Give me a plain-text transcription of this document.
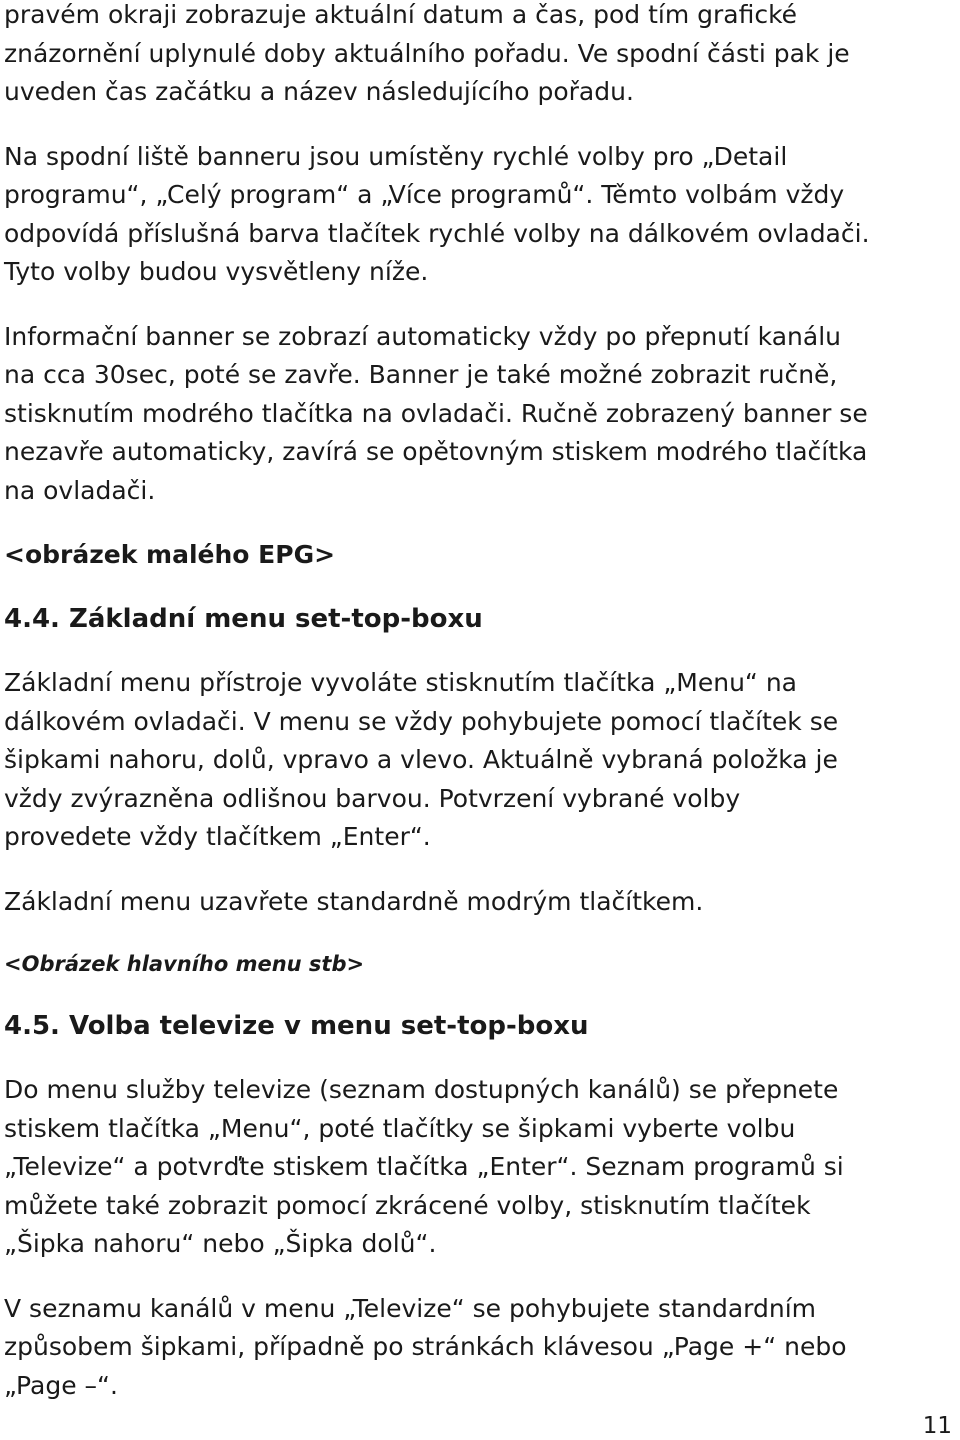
pravém okraji zobrazuje aktuální datum a čas, pod tím grafické
znázornění uplynulé doby aktuálního pořadu. Ve spodní části pak je
uveden čas začátku a název následujícího pořadu.

Na spodní liště banneru jsou umístěny rychlé volby pro „Detail
programu“, „Celý program“ a „Více programů“. Těmto volbám vždy
odpovídá příslušná barva tlačítek rychlé volby na dálkovém ovladači.
Tyto volby budou vysvětleny níže.

Informační banner se zobrazí automaticky vždy po přepnutí kanálu
na cca 30sec, poté se zavře. Banner je také možné zobrazit ručně,
stisknutím modrého tlačítka na ovladači. Ručně zobrazený banner se
nezavře automaticky, zavírá se opětovným stiskem modrého tlačítka
na ovladači.

<obrázek malého EPG>

4.4. Základní menu set-top-boxu

Základní menu přístroje vyvoláte stisknutím tlačítka „Menu“ na
dálkovém ovladači. V menu se vždy pohybujete pomocí tlačítek se
šipkami nahoru, dolů, vpravo a vlevo. Aktuálně vybraná položka je
vždy zvýrazněna odlišnou barvou. Potvrzení vybrané volby
provedete vždy tlačítkem „Enter“.

Základní menu uzavřete standardně modrým tlačítkem.

<Obrázek hlavního menu stb>

4.5. Volba televize v menu set-top-boxu

Do menu služby televize (seznam dostupných kanálů) se přepnete
stiskem tlačítka „Menu“, poté tlačítky se šipkami vyberte volbu
„Televize“ a potvrďte stiskem tlačítka „Enter“. Seznam programů si
můžete také zobrazit pomocí zkrácené volby, stisknutím tlačítek
„Šipka nahoru“ nebo „Šipka dolů“.

V seznamu kanálů v menu „Televize“ se pohybujete standardním
způsobem šipkami, případně po stránkách klávesou „Page +“ nebo
„Page –“.

11
